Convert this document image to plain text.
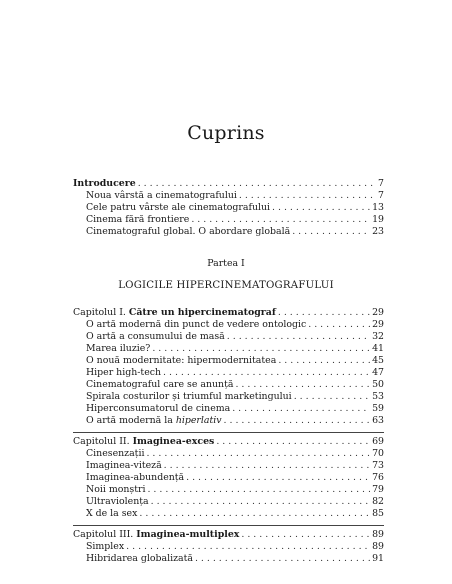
Cuprins
Introducere . . .	7
Noua vârstă a cinematografului . . .	7
Cele patru vârste ale cinematografului . . .	13
Cinema fără frontiere . . .	19
Cinematograful global. O abordare globală . . .	23
Partea I
LOGICILE HIPERCINEMATOGRAFULUI
Capitolul I. Către un hipercinematograf . . .	29
O artă modernă din punct de vedere ontologic . . .	29
O artă a consumului de masă . . .	32
Marea iluzie? . . .	41
O nouă modernitate: hipermodernitatea . . .	45
Hiper high-tech . . .	47
Cinematograful care se anunță . . .	50
Spirala costurilor și triumful marketingului . . .	53
Hiperconsumatorul de cinema . . .	59
O artă modernă la hiperlativ . . .	63
Capitolul II. Imaginea-exces . . .	69
Cinesenzații . . .	70
Imaginea-viteză . . .	73
Imaginea-abundență . . .	76
Noii monștri . . .	79
Ultraviolența . . .	82
X de la sex . . .	85
Capitolul III. Imaginea-multiplex . . .	89
Simplex . . .	89
Hibridarea globalizată . . .	91
